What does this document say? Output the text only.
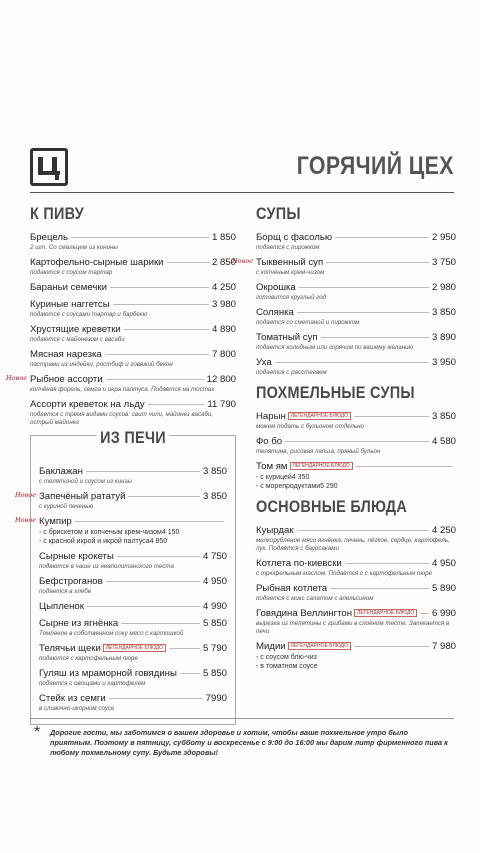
ГОРЯЧИЙ ЦЕХ
К ПИВУ
Брецель	1 850
2 шт. Со смальцем из конины
Картофельно-сырные шарики	2 850
подаются с соусом тартар
Бараньи семечки	4 250
Куриные наггетсы	3 980
подаются с соусами тартар и барбекю
Хрустящие креветки	4 890
подаются с майонезом с васаби
Мясная нарезка	7 800
пастрами из индейки, ростбиф и говяжий бекон
Новое Рыбное ассорти	12 800
копчёная форель, семга и икра палтуса. Подается на тостах
Ассорти креветок на льду	11 790
подается с тремя видами соусов: свит чили, майонез васаби, острый майонез
ИЗ ПЕЧИ
Баклажан	3 850
с телятиной и соусом из кинзы
Новое Запечёный рататуй	3 850
с куриной печенью
Новое Кумпир
- с брискетом и копченым крем-чизом 4 150
- с красной икрой и икрой палтуса 4 850
Сырные крокеты	4 750
подаются в чаше из неаполитанского теста
Бефстроганов	4 950
подается в хлебе
Цыпленок	4 990
Сырне из ягнёнка	5 850
Томленое в собственном соку мясо с картошкой
Телячьи щеки ЛЕГЕНДАРНОЕ БЛЮДО	5 790
подаются с картофельным пюре
Гуляш из мраморной говядины	5 850
подается с овощами и картофелем
Стейк из семги	7990
в сливочно-икорном соусе
СУПЫ
Борщ с фасолью	2 950
подается с пирожком
Новое Тыквенный суп	3 750
с копченым крем-чизом
Окрошка	2 980
готовится круглый год
Солянка	3 850
подается со сметаной и пирожком
Томатный суп	3 890
подается холодным или горячим по вашему желанию
Уха	3 950
подается с расстегаем
ПОХМЕЛЬНЫЕ СУПЫ
Нарын ЛЕГЕНДАРНОЕ БЛЮДО	3 850
можем подать с бульоном отдельно
Фо бо	4 580
телятина, рисовая лапша, пряный бульон
Том ям ЛЕГЕНДАРНОЕ БЛЮДО
- с курицей 4 350
- с морепродуктами 5 290
ОСНОВНЫЕ БЛЮДА
Куырдак	4 250
мелкорубленое мясо ягнёнка, печень, лёгкое, сердце, картофель, лук. Подаётся с баурсаками
Котлета по-киевски	4 950
с трюфельным маслом. Подаётся с с картофельным пюре
Рыбная котлета	5 890
подается с микс салатом с апельсином
Говядина Веллингтон ЛЕГЕНДАРНОЕ БЛЮДО	6 990
вырезка из телятины с грибами в слоёном тесте. Запекается в печи
Мидии ЛЕГЕНДАРНОЕ БЛЮДО	7 980
- с соусом блю-чиз
- в томатном соусе
* Дорогие гости, мы заботимся о вашем здоровье и хотим, чтобы ваше похмельное утро было приятным. Поэтому в пятницу, субботу и воскресенье с 9:00 до 16:00 мы дарим литр фирменного пива к любому похмельному супу. Будьте здоровы!
